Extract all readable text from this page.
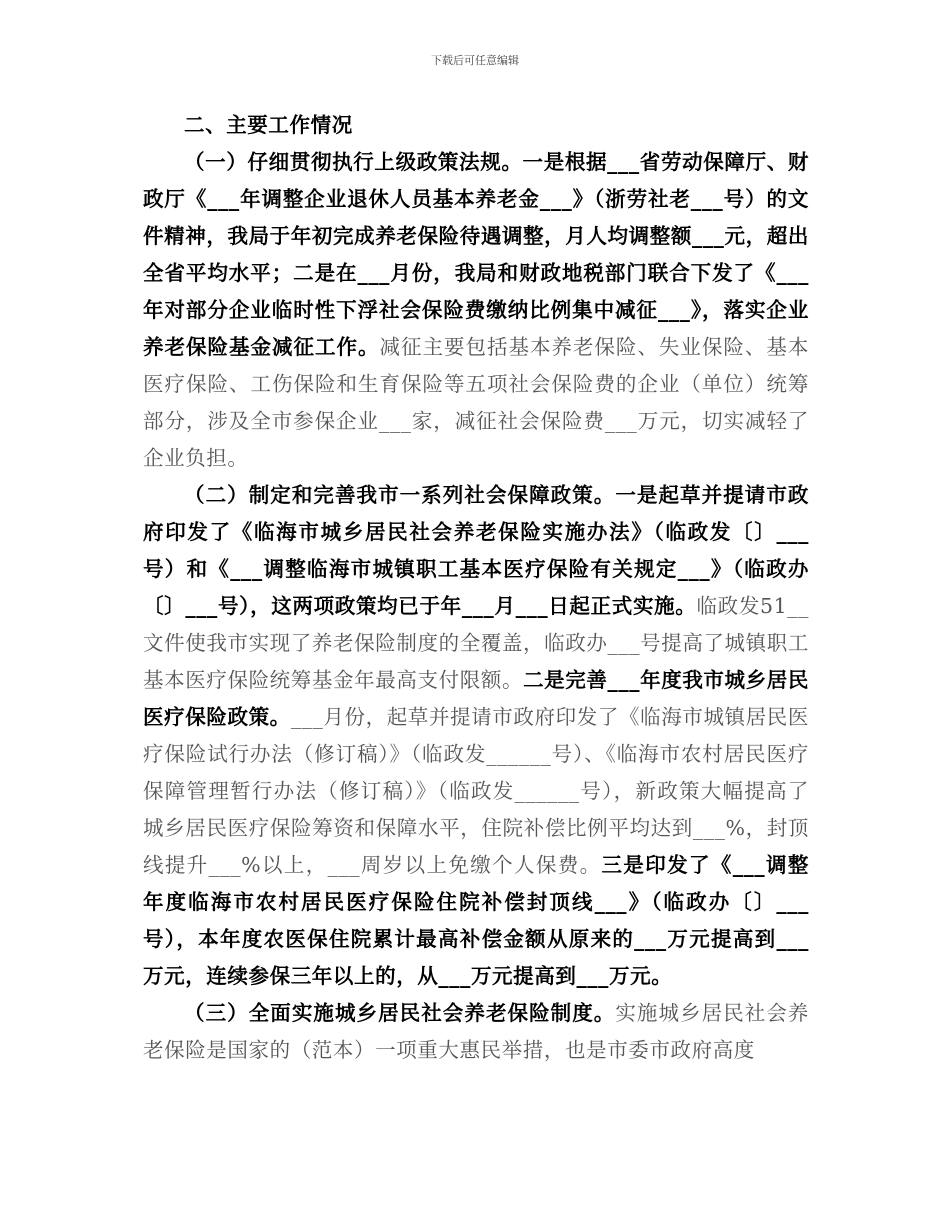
下载后可任意编辑

二、主要工作情况

（一）仔细贯彻执行上级政策法规。一是根据___省劳动保障厅、财政厅《___年调整企业退休人员基本养老金___》（浙劳社老___号）的文件精神，我局于年初完成养老保险待遇调整，月人均调整额___元，超出全省平均水平；二是在___月份，我局和财政地税部门联合下发了《___年对部分企业临时性下浮社会保险费缴纳比例集中减征___》，落实企业养老保险基金减征工作。减征主要包括基本养老保险、失业保险、基本医疗保险、工伤保险和生育保险等五项社会保险费的企业（单位）统筹部分，涉及全市参保企业___家，减征社会保险费___万元，切实减轻了企业负担。

（二）制定和完善我市一系列社会保障政策。一是起草并提请市政府印发了《临海市城乡居民社会养老保险实施办法》（临政发〔〕___号）和《___调整临海市城镇职工基本医疗保险有关规定___》（临政办〔〕___号），这两项政策均已于年___月___日起正式实施。临政发51__文件使我市实现了养老保险制度的全覆盖，临政办___号提高了城镇职工基本医疗保险统筹基金年最高支付限额。二是完善___年度我市城乡居民医疗保险政策。___月份，起草并提请市政府印发了《临海市城镇居民医疗保险试行办法（修订稿）》（临政发______号）、《临海市农村居民医疗保障管理暂行办法（修订稿）》（临政发______号），新政策大幅提高了城乡居民医疗保险筹资和保障水平，住院补偿比例平均达到___%，封顶线提升___%以上，___周岁以上免缴个人保费。三是印发了《___调整年度临海市农村居民医疗保险住院补偿封顶线___》（临政办〔〕___号），本年度农医保住院累计最高补偿金额从原来的___万元提高到___万元，连续参保三年以上的，从___万元提高到___万元。

（三）全面实施城乡居民社会养老保险制度。实施城乡居民社会养老保险是国家的（范本）一项重大惠民举措，也是市委市政府高度
